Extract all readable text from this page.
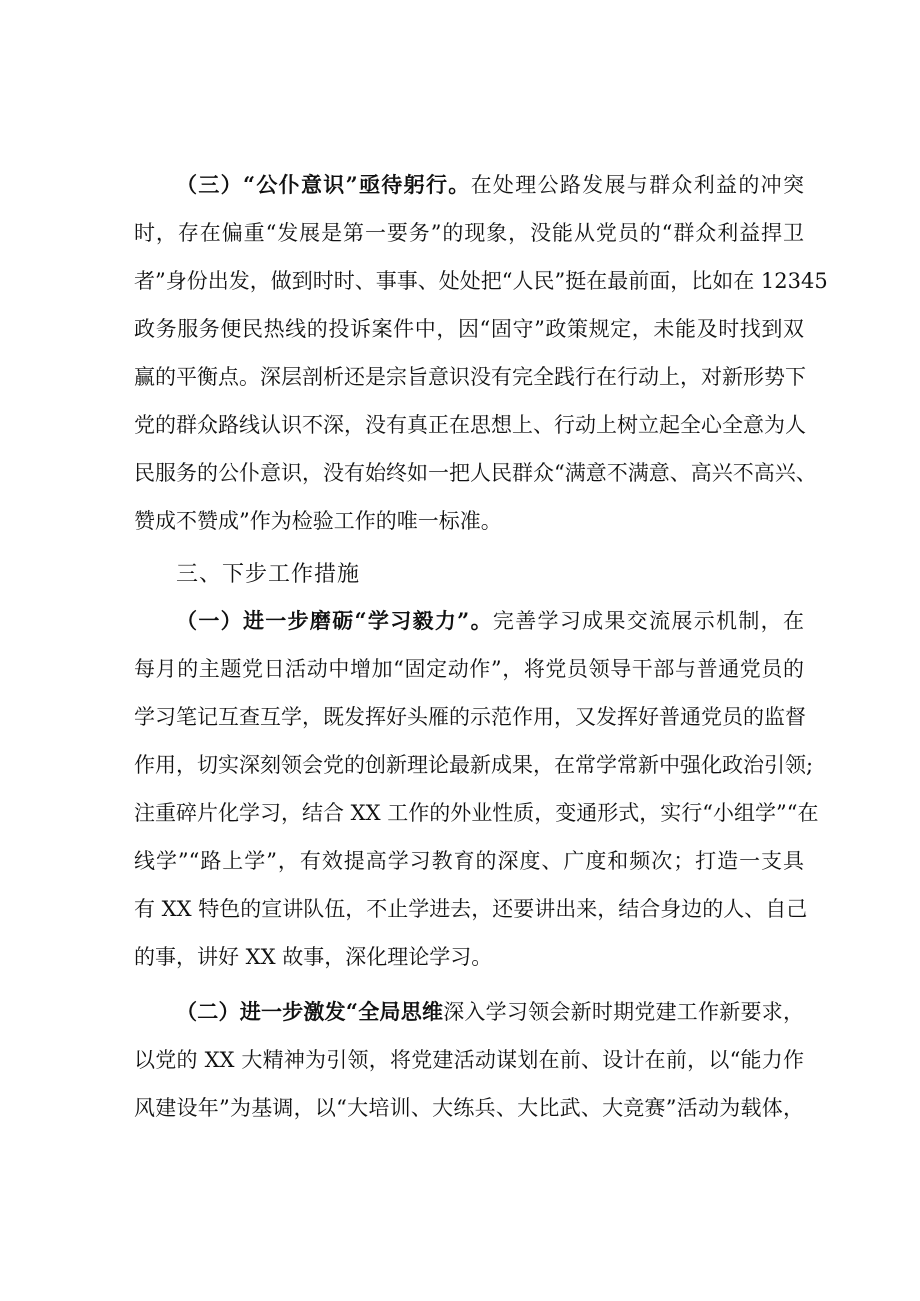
（三）“公仆意识”亟待躬行。在处理公路发展与群众利益的冲突
时，存在偏重“发展是第一要务”的现象，没能从党员的“群众利益捍卫
者”身份出发，做到时时、事事、处处把“人民”挺在最前面，比如在 12345
政务服务便民热线的投诉案件中，因“固守”政策规定，未能及时找到双
赢的平衡点。深层剖析还是宗旨意识没有完全践行在行动上，对新形势下
党的群众路线认识不深，没有真正在思想上、行动上树立起全心全意为人
民服务的公仆意识，没有始终如一把人民群众“满意不满意、高兴不高兴、
赞成不赞成”作为检验工作的唯一标准。
三、下步工作措施
（一）进一步磨砺“学习毅力”。完善学习成果交流展示机制，在
每月的主题党日活动中增加“固定动作”，将党员领导干部与普通党员的
学习笔记互查互学，既发挥好头雁的示范作用，又发挥好普通党员的监督
作用，切实深刻领会党的创新理论最新成果，在常学常新中强化政治引领;
注重碎片化学习，结合 XX 工作的外业性质，变通形式，实行“小组学”“在
线学”“路上学”，有效提高学习教育的深度、广度和频次；打造一支具
有 XX 特色的宣讲队伍，不止学进去，还要讲出来，结合身边的人、自己
的事，讲好 XX 故事，深化理论学习。
（二）进一步激发“全局思维深入学习领会新时期党建工作新要求，
以党的 XX 大精神为引领，将党建活动谋划在前、设计在前，以“能力作
风建设年”为基调，以“大培训、大练兵、大比武、大竞赛”活动为载体，
